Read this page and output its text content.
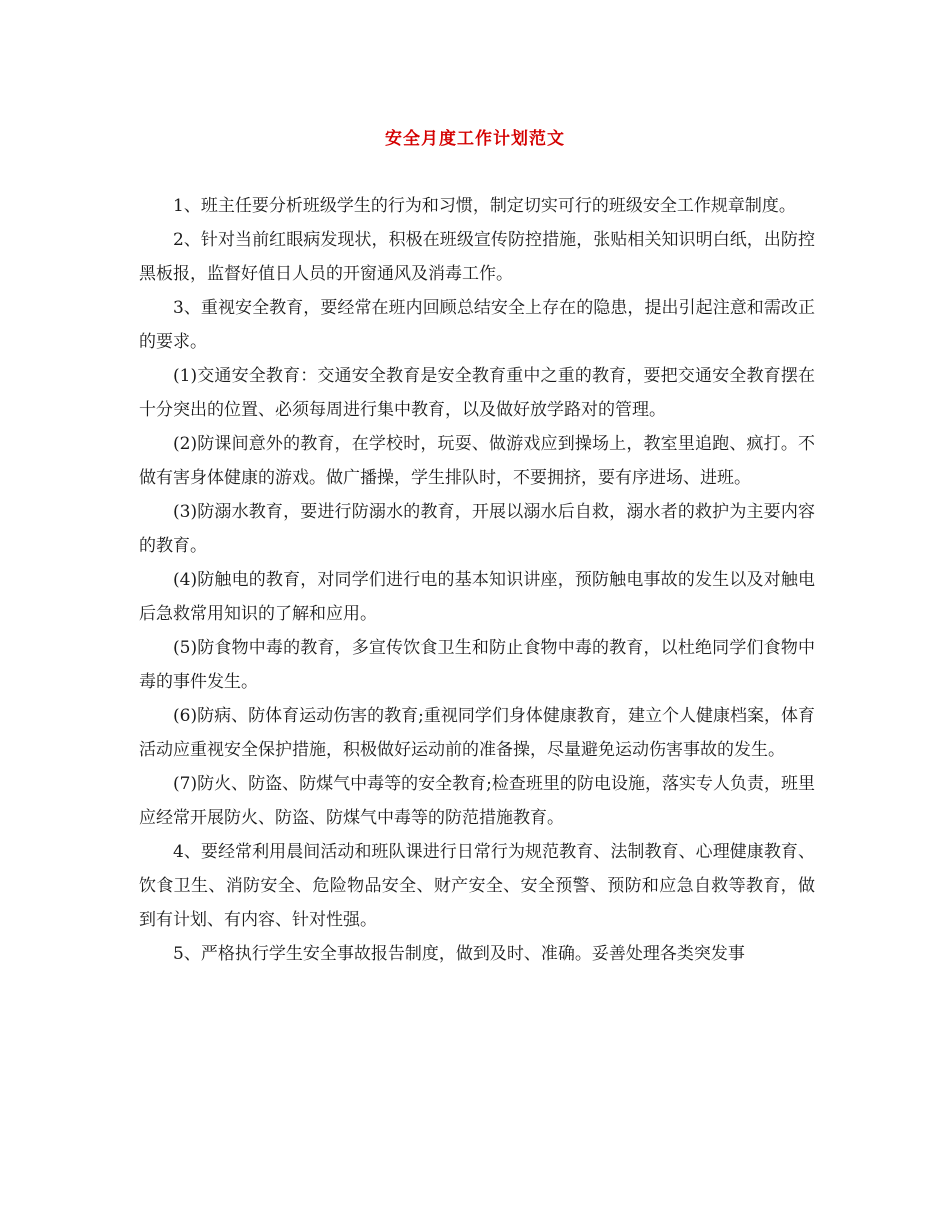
安全月度工作计划范文

1、班主任要分析班级学生的行为和习惯，制定切实可行的班级安全工作规章制度。

2、针对当前红眼病发现状，积极在班级宣传防控措施，张贴相关知识明白纸，出防控黑板报，监督好值日人员的开窗通风及消毒工作。

3、重视安全教育，要经常在班内回顾总结安全上存在的隐患，提出引起注意和需改正的要求。

(1)交通安全教育：交通安全教育是安全教育重中之重的教育，要把交通安全教育摆在十分突出的位置、必须每周进行集中教育，以及做好放学路对的管理。

(2)防课间意外的教育，在学校时，玩耍、做游戏应到操场上，教室里追跑、疯打。不做有害身体健康的游戏。做广播操，学生排队时，不要拥挤，要有序进场、进班。

(3)防溺水教育，要进行防溺水的教育，开展以溺水后自救，溺水者的救护为主要内容的教育。

(4)防触电的教育，对同学们进行电的基本知识讲座，预防触电事故的发生以及对触电后急救常用知识的了解和应用。

(5)防食物中毒的教育，多宣传饮食卫生和防止食物中毒的教育，以杜绝同学们食物中毒的事件发生。

(6)防病、防体育运动伤害的教育;重视同学们身体健康教育，建立个人健康档案，体育活动应重视安全保护措施，积极做好运动前的准备操，尽量避免运动伤害事故的发生。

(7)防火、防盗、防煤气中毒等的安全教育;检查班里的防电设施，落实专人负责，班里应经常开展防火、防盗、防煤气中毒等的防范措施教育。

4、要经常利用晨间活动和班队课进行日常行为规范教育、法制教育、心理健康教育、饮食卫生、消防安全、危险物品安全、财产安全、安全预警、预防和应急自救等教育，做到有计划、有内容、针对性强。

5、严格执行学生安全事故报告制度，做到及时、准确。妥善处理各类突发事
